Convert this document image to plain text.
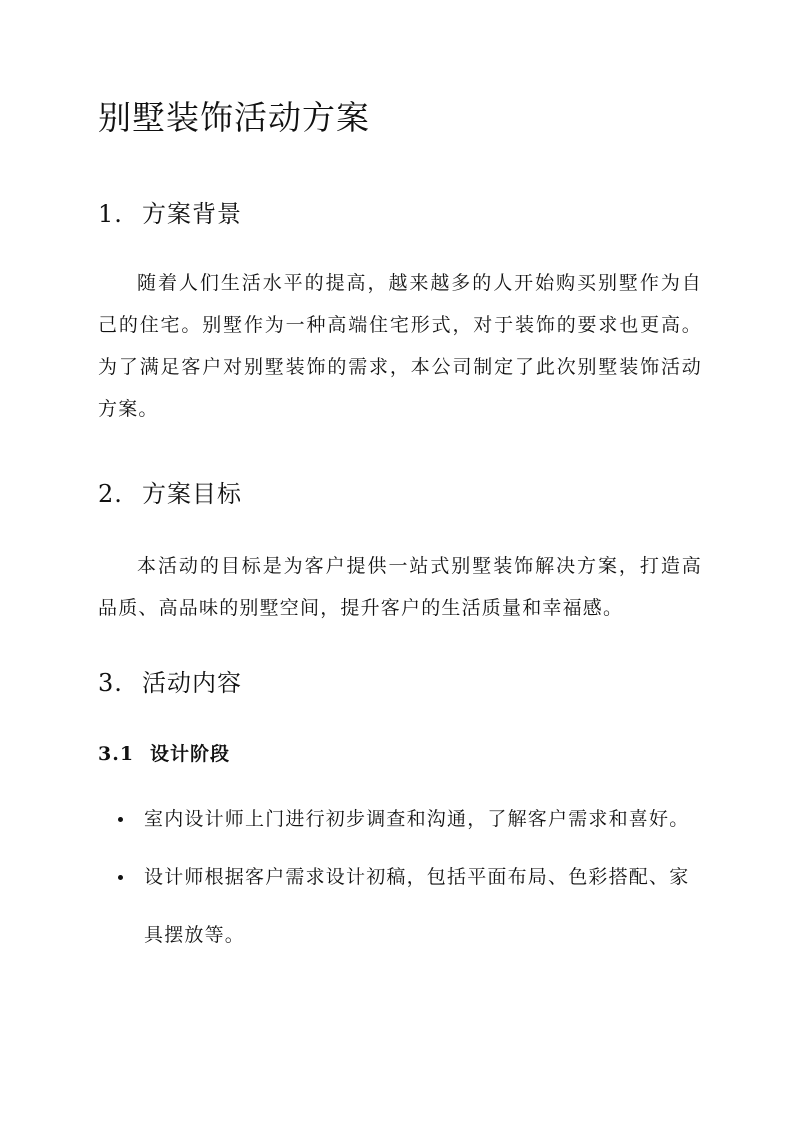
别墅装饰活动方案
1. 方案背景

随着人们生活水平的提高，越来越多的人开始购买别墅作为自己的住宅。别墅作为一种高端住宅形式，对于装饰的要求也更高。为了满足客户对别墅装饰的需求，本公司制定了此次别墅装饰活动方案。

2. 方案目标

本活动的目标是为客户提供一站式别墅装饰解决方案，打造高品质、高品味的别墅空间，提升客户的生活质量和幸福感。

3. 活动内容
3.1 设计阶段
室内设计师上门进行初步调查和沟通，了解客户需求和喜好。
设计师根据客户需求设计初稿，包括平面布局、色彩搭配、家具摆放等。
